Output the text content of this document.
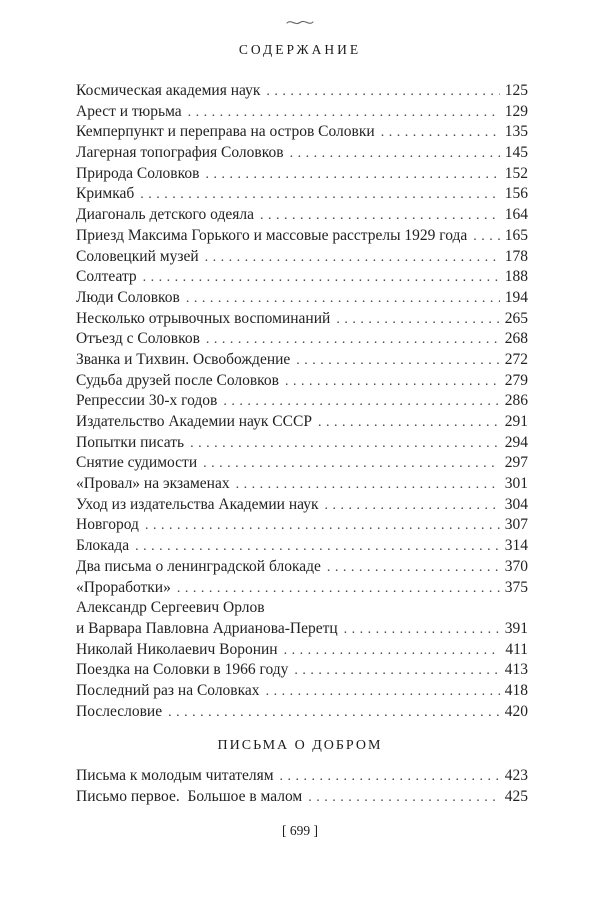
СОДЕРЖАНИЕ
Космическая академия наук .....	125
Арест и тюрьма .....	129
Кемперпункт и переправа на остров Соловки .....	135
Лагерная топография Соловков .....	145
Природа Соловков .....	152
Кримкаб .....	156
Диагональ детского одеяла .....	164
Приезд Максима Горького и массовые расстрелы 1929 года ..... 165
Соловецкий музей .....	178
Солтеатр .....	188
Люди Соловков .....	194
Несколько отрывочных воспоминаний .....	265
Отъезд с Соловков .....	268
Званка и Тихвин. Освобождение .....	272
Судьба друзей после Соловков .....	279
Репрессии 30-х годов .....	286
Издательство Академии наук СССР .....	291
Попытки писать .....	294
Снятие судимости .....	297
«Провал» на экзаменах .....	301
Уход из издательства Академии наук .....	304
Новгород .....	307
Блокада .....	314
Два письма о ленинградской блокаде .....	370
«Проработки» .....	375
Александр Сергеевич Орлов
и Варвара Павловна Адрианова-Перетц .....	391
Николай Николаевич Воронин .....	411
Поездка на Соловки в 1966 году .....	413
Последний раз на Соловках .....	418
Послесловие .....	420
ПИСЬМА О ДОБРОМ
Письма к молодым читателям .....	423
Письмо первое.  Большое в малом .....	425
[ 699 ]
